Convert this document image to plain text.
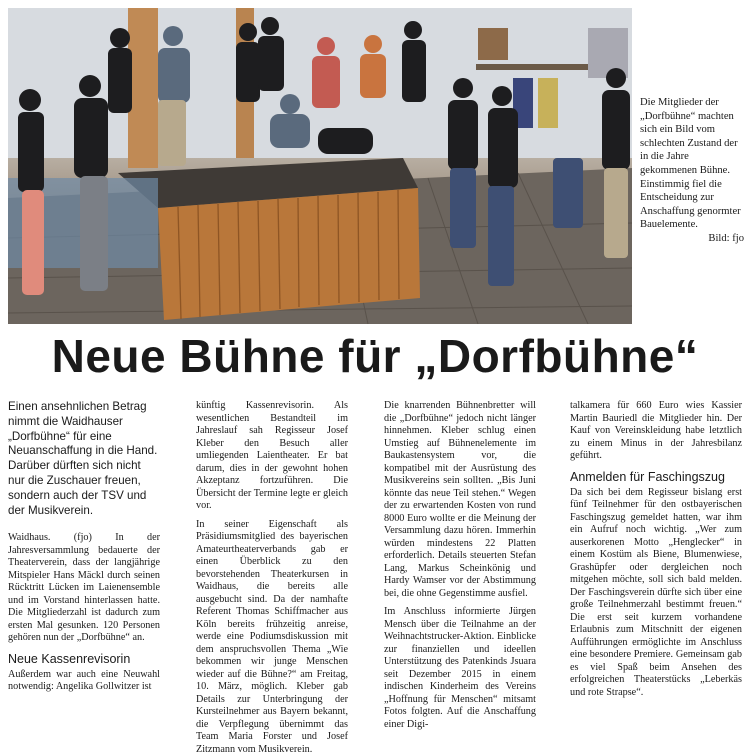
Die Mitglieder der „Dorfbühne“ machten sich ein Bild vom schlechten Zustand der in die Jahre gekommenen Bühne. Einstimmig fiel die Entscheidung zur Anschaffung genormter Bauelemente.
Bild: fjo
Neue Bühne für „Dorfbühne“

Einen ansehnlichen Betrag nimmt die Waidhauser „Dorfbühne“ für eine Neuanschaffung in die Hand. Darüber dürften sich nicht nur die Zuschauer freuen, sondern auch der TSV und der Musikverein.

Waidhaus. (fjo) In der Jahresversammlung bedauerte der Theaterverein, dass der langjährige Mitspieler Hans Mäckl durch seinen Rücktritt Lücken im Laienensemble und im Vorstand hinterlassen hatte. Die Mitgliederzahl ist dadurch zum ersten Mal gesunken. 120 Personen gehören nun der „Dorfbühne“ an.

Neue Kassenrevisorin

Außerdem war auch eine Neuwahl notwendig: Angelika Gollwitzer ist

künftig Kassenrevisorin. Als wesentlichen Bestandteil im Jahreslauf sah Regisseur Josef Kleber den Besuch aller umliegenden Laientheater. Er bat darum, dies in der gewohnt hohen Akzeptanz fortzuführen. Die Übersicht der Termine legte er gleich vor.

In seiner Eigenschaft als Präsidiumsmitglied des bayerischen Amateurtheaterverbands gab er einen Überblick zu den bevorstehenden Theaterkursen in Waidhaus, die bereits alle ausgebucht sind. Da der namhafte Referent Thomas Schiffmacher aus Köln bereits frühzeitig anreise, werde eine Podiumsdiskussion mit dem anspruchsvollen Thema „Wie bekommen wir junge Menschen wieder auf die Bühne?“ am Freitag, 10. März, möglich. Kleber gab Details zur Unterbringung der Kursteilnehmer aus Bayern bekannt, die Verpflegung übernimmt das Team Maria Forster und Josef Zitzmann vom Musikverein.

Die knarrenden Bühnenbretter will die „Dorfbühne“ jedoch nicht länger hinnehmen. Kleber schlug einen Umstieg auf Bühnenelemente im Baukastensystem vor, die kompatibel mit der Ausrüstung des Musikvereins sein sollten. „Bis Juni könnte das neue Teil stehen.“ Wegen der zu erwartenden Kosten von rund 8000 Euro wollte er die Meinung der Versammlung dazu hören. Immerhin würden mindestens 22 Platten erforderlich. Details steuerten Stefan Lang, Markus Scheinkönig und Hardy Wamser vor der Abstimmung bei, die ohne Gegenstimme ausfiel.

Im Anschluss informierte Jürgen Mensch über die Teilnahme an der Weihnachtstrucker-Aktion. Einblicke zur finanziellen und ideellen Unterstützung des Patenkinds Jsuara seit Dezember 2015 in einem indischen Kinderheim des Vereins „Hoffnung für Menschen“ mitsamt Fotos folgten. Auf die Anschaffung einer Digi-

talkamera für 660 Euro wies Kassier Martin Bauriedl die Mitglieder hin. Der Kauf von Vereinskleidung habe letztlich zu einem Minus in der Jahresbilanz geführt.

Anmelden für Faschingszug

Da sich bei dem Regisseur bislang erst fünf Teilnehmer für den ostbayerischen Faschingszug gemeldet hatten, war ihm ein Aufruf noch wichtig. „Wer zum auserkorenen Motto „Henglecker“ in einem Kostüm als Biene, Blumenwiese, Grashüpfer oder dergleichen noch mitgehen möchte, soll sich bald melden. Der Faschingsverein dürfte sich über eine große Teilnehmerzahl bestimmt freuen.“ Die erst seit kurzem vorhandene Erlaubnis zum Mitschnitt der eigenen Aufführungen ermöglichte im Anschluss eine besondere Premiere. Gemeinsam gab es viel Spaß beim Ansehen des erfolgreichen Theaterstücks „Leberkäs und rote Strapse“.
